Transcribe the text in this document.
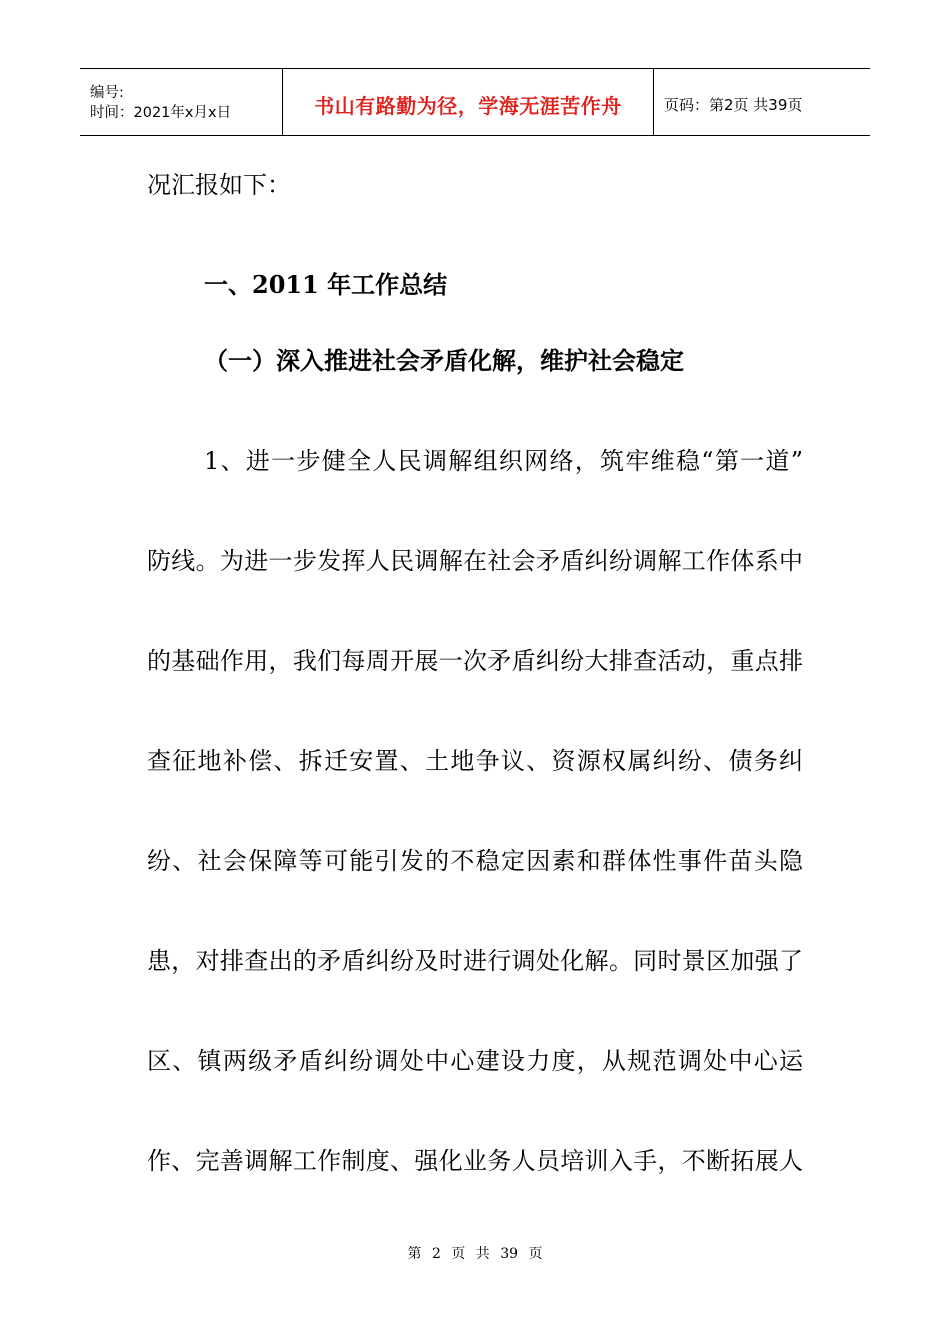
编号:
时间：2021年x月x日	书山有路勤为径，学海无涯苦作舟	页码：第2页 共39页
况汇报如下：
一、2011 年工作总结
（一）深入推进社会矛盾化解，维护社会稳定
1、进一步健全人民调解组织网络，筑牢维稳“第一道”
防线。为进一步发挥人民调解在社会矛盾纠纷调解工作体系中
的基础作用，我们每周开展一次矛盾纠纷大排查活动，重点排
查征地补偿、拆迁安置、土地争议、资源权属纠纷、债务纠
纷、社会保障等可能引发的不稳定因素和群体性事件苗头隐
患，对排查出的矛盾纠纷及时进行调处化解。同时景区加强了
区、镇两级矛盾纠纷调处中心建设力度，从规范调处中心运
作、完善调解工作制度、强化业务人员培训入手，不断拓展人
第 2 页 共 39 页
